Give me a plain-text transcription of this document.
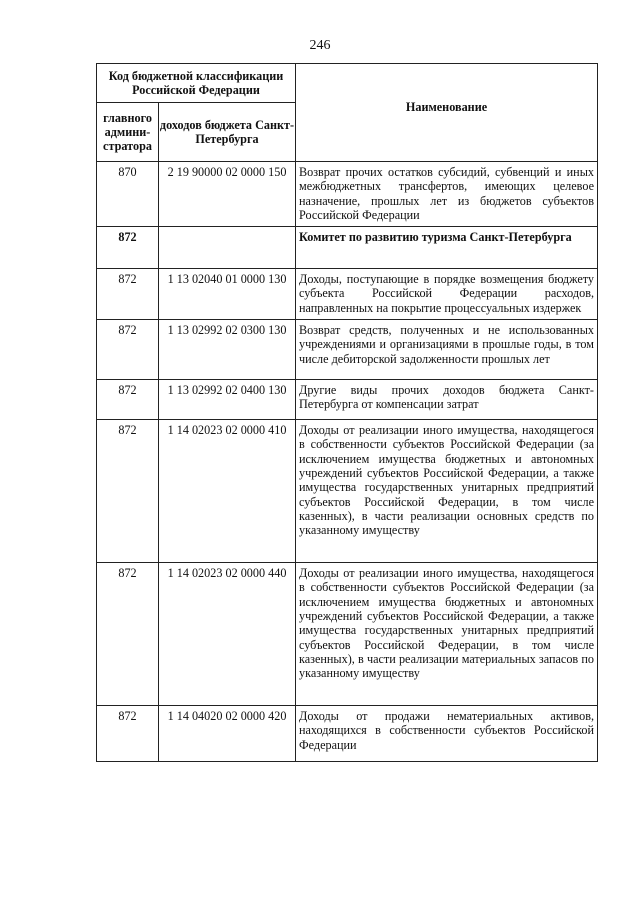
246
Код бюджетной классификации Российской Федерации		Наименование
главного админи-стратора	доходов бюджета Санкт-Петербурга	
870	2 19 90000 02 0000 150	Возврат прочих остатков субсидий, субвенций и иных межбюджетных трансфертов, имеющих целевое назначение, прошлых лет из бюджетов субъектов Российской Федерации
872		Комитет по развитию туризма Санкт-Петербурга
872	1 13 02040 01 0000 130	Доходы, поступающие в порядке возмещения бюджету субъекта Российской Федерации расходов, направленных на покрытие процессуальных издержек
872	1 13 02992 02 0300 130	Возврат средств, полученных и не использованных учреждениями и организациями в прошлые годы, в том числе дебиторской задолженности прошлых лет
872	1 13 02992 02 0400 130	Другие виды прочих доходов бюджета Санкт-Петербурга от компенсации затрат
872	1 14 02023 02 0000 410	Доходы от реализации иного имущества, находящегося в собственности субъектов Российской Федерации (за исключением имущества бюджетных и автономных учреждений субъектов Российской Федерации, а также имущества государственных унитарных предприятий субъектов Российской Федерации, в том числе казенных), в части реализации основных средств по указанному имуществу
872	1 14 02023 02 0000 440	Доходы от реализации иного имущества, находящегося в собственности субъектов Российской Федерации (за исключением имущества бюджетных и автономных учреждений субъектов Российской Федерации, а также имущества государственных унитарных предприятий субъектов Российской Федерации, в том числе казенных), в части реализации материальных запасов по указанному имуществу
872	1 14 04020 02 0000 420	Доходы от продажи нематериальных активов, находящихся в собственности субъектов Российской Федерации
